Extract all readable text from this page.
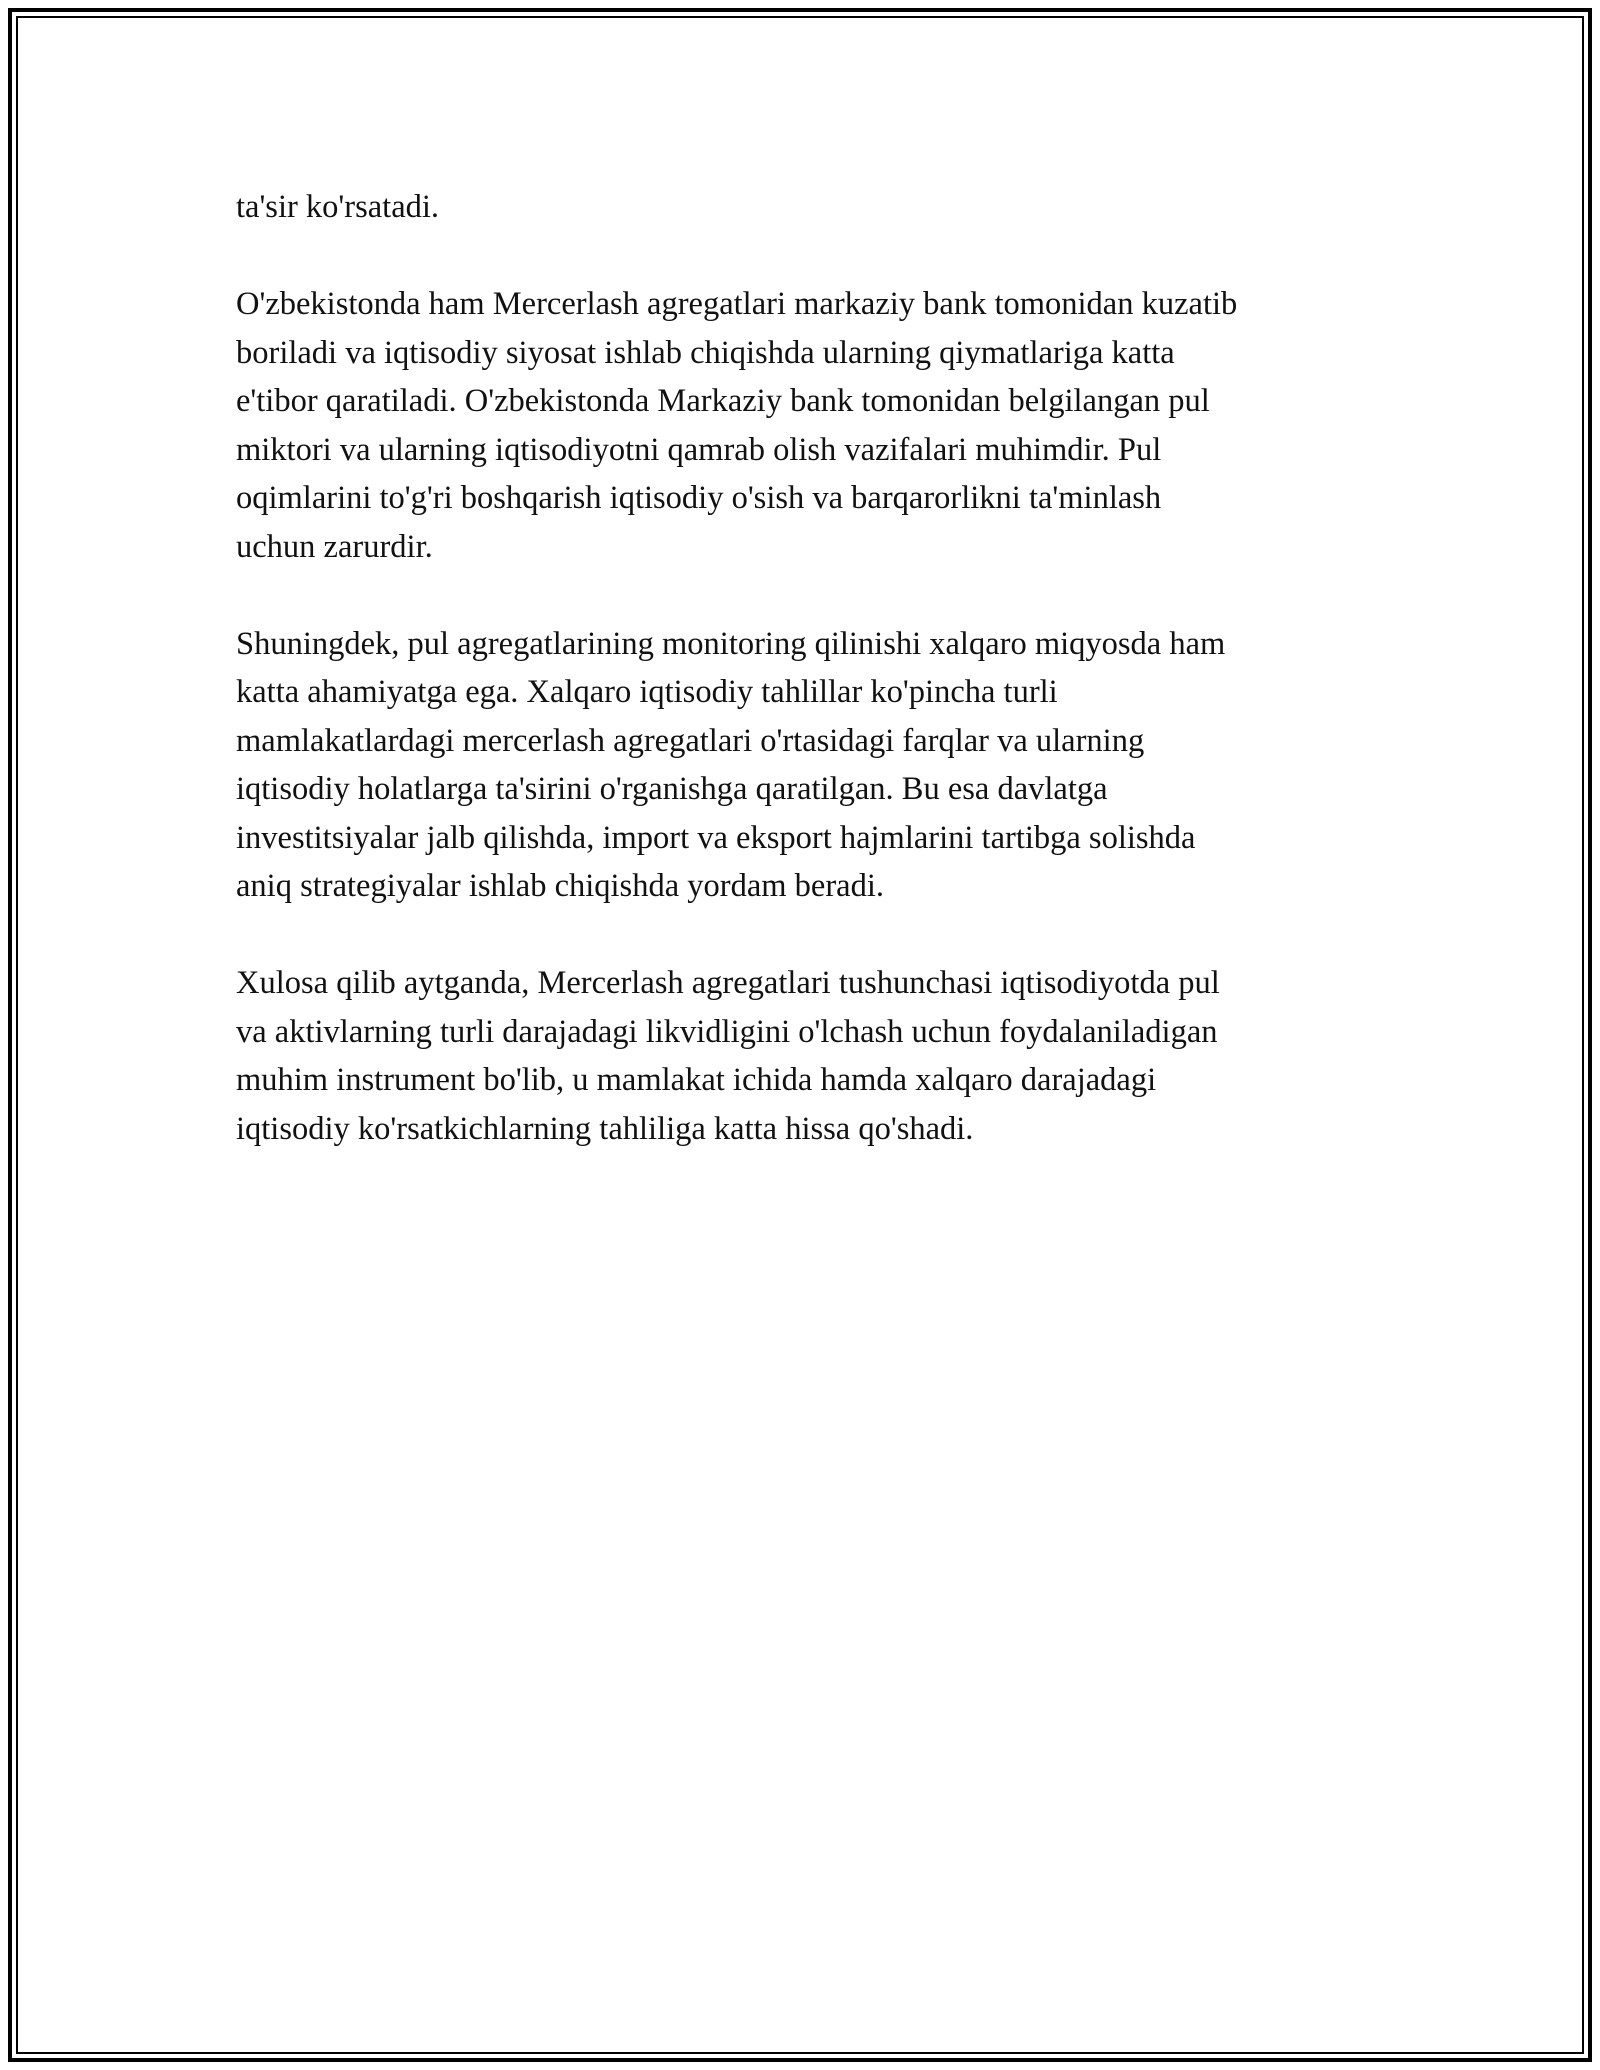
ta'sir ko'rsatadi.

O'zbekistonda ham Mercerlash agregatlari markaziy bank tomonidan kuzatib
boriladi va iqtisodiy siyosat ishlab chiqishda ularning qiymatlariga katta
e'tibor qaratiladi. O'zbekistonda Markaziy bank tomonidan belgilangan pul
miktori va ularning iqtisodiyotni qamrab olish vazifalari muhimdir. Pul
oqimlarini to'g'ri boshqarish iqtisodiy o'sish va barqarorlikni ta'minlash
uchun zarurdir.

Shuningdek, pul agregatlarining monitoring qilinishi xalqaro miqyosda ham
katta ahamiyatga ega. Xalqaro iqtisodiy tahlillar ko'pincha turli
mamlakatlardagi mercerlash agregatlari o'rtasidagi farqlar va ularning
iqtisodiy holatlarga ta'sirini o'rganishga qaratilgan. Bu esa davlatga
investitsiyalar jalb qilishda, import va eksport hajmlarini tartibga solishda
aniq strategiyalar ishlab chiqishda yordam beradi.

Xulosa qilib aytganda, Mercerlash agregatlari tushunchasi iqtisodiyotda pul
va aktivlarning turli darajadagi likvidligini o'lchash uchun foydalaniladigan
muhim instrument bo'lib, u mamlakat ichida hamda xalqaro darajadagi
iqtisodiy ko'rsatkichlarning tahliliga katta hissa qo'shadi.
